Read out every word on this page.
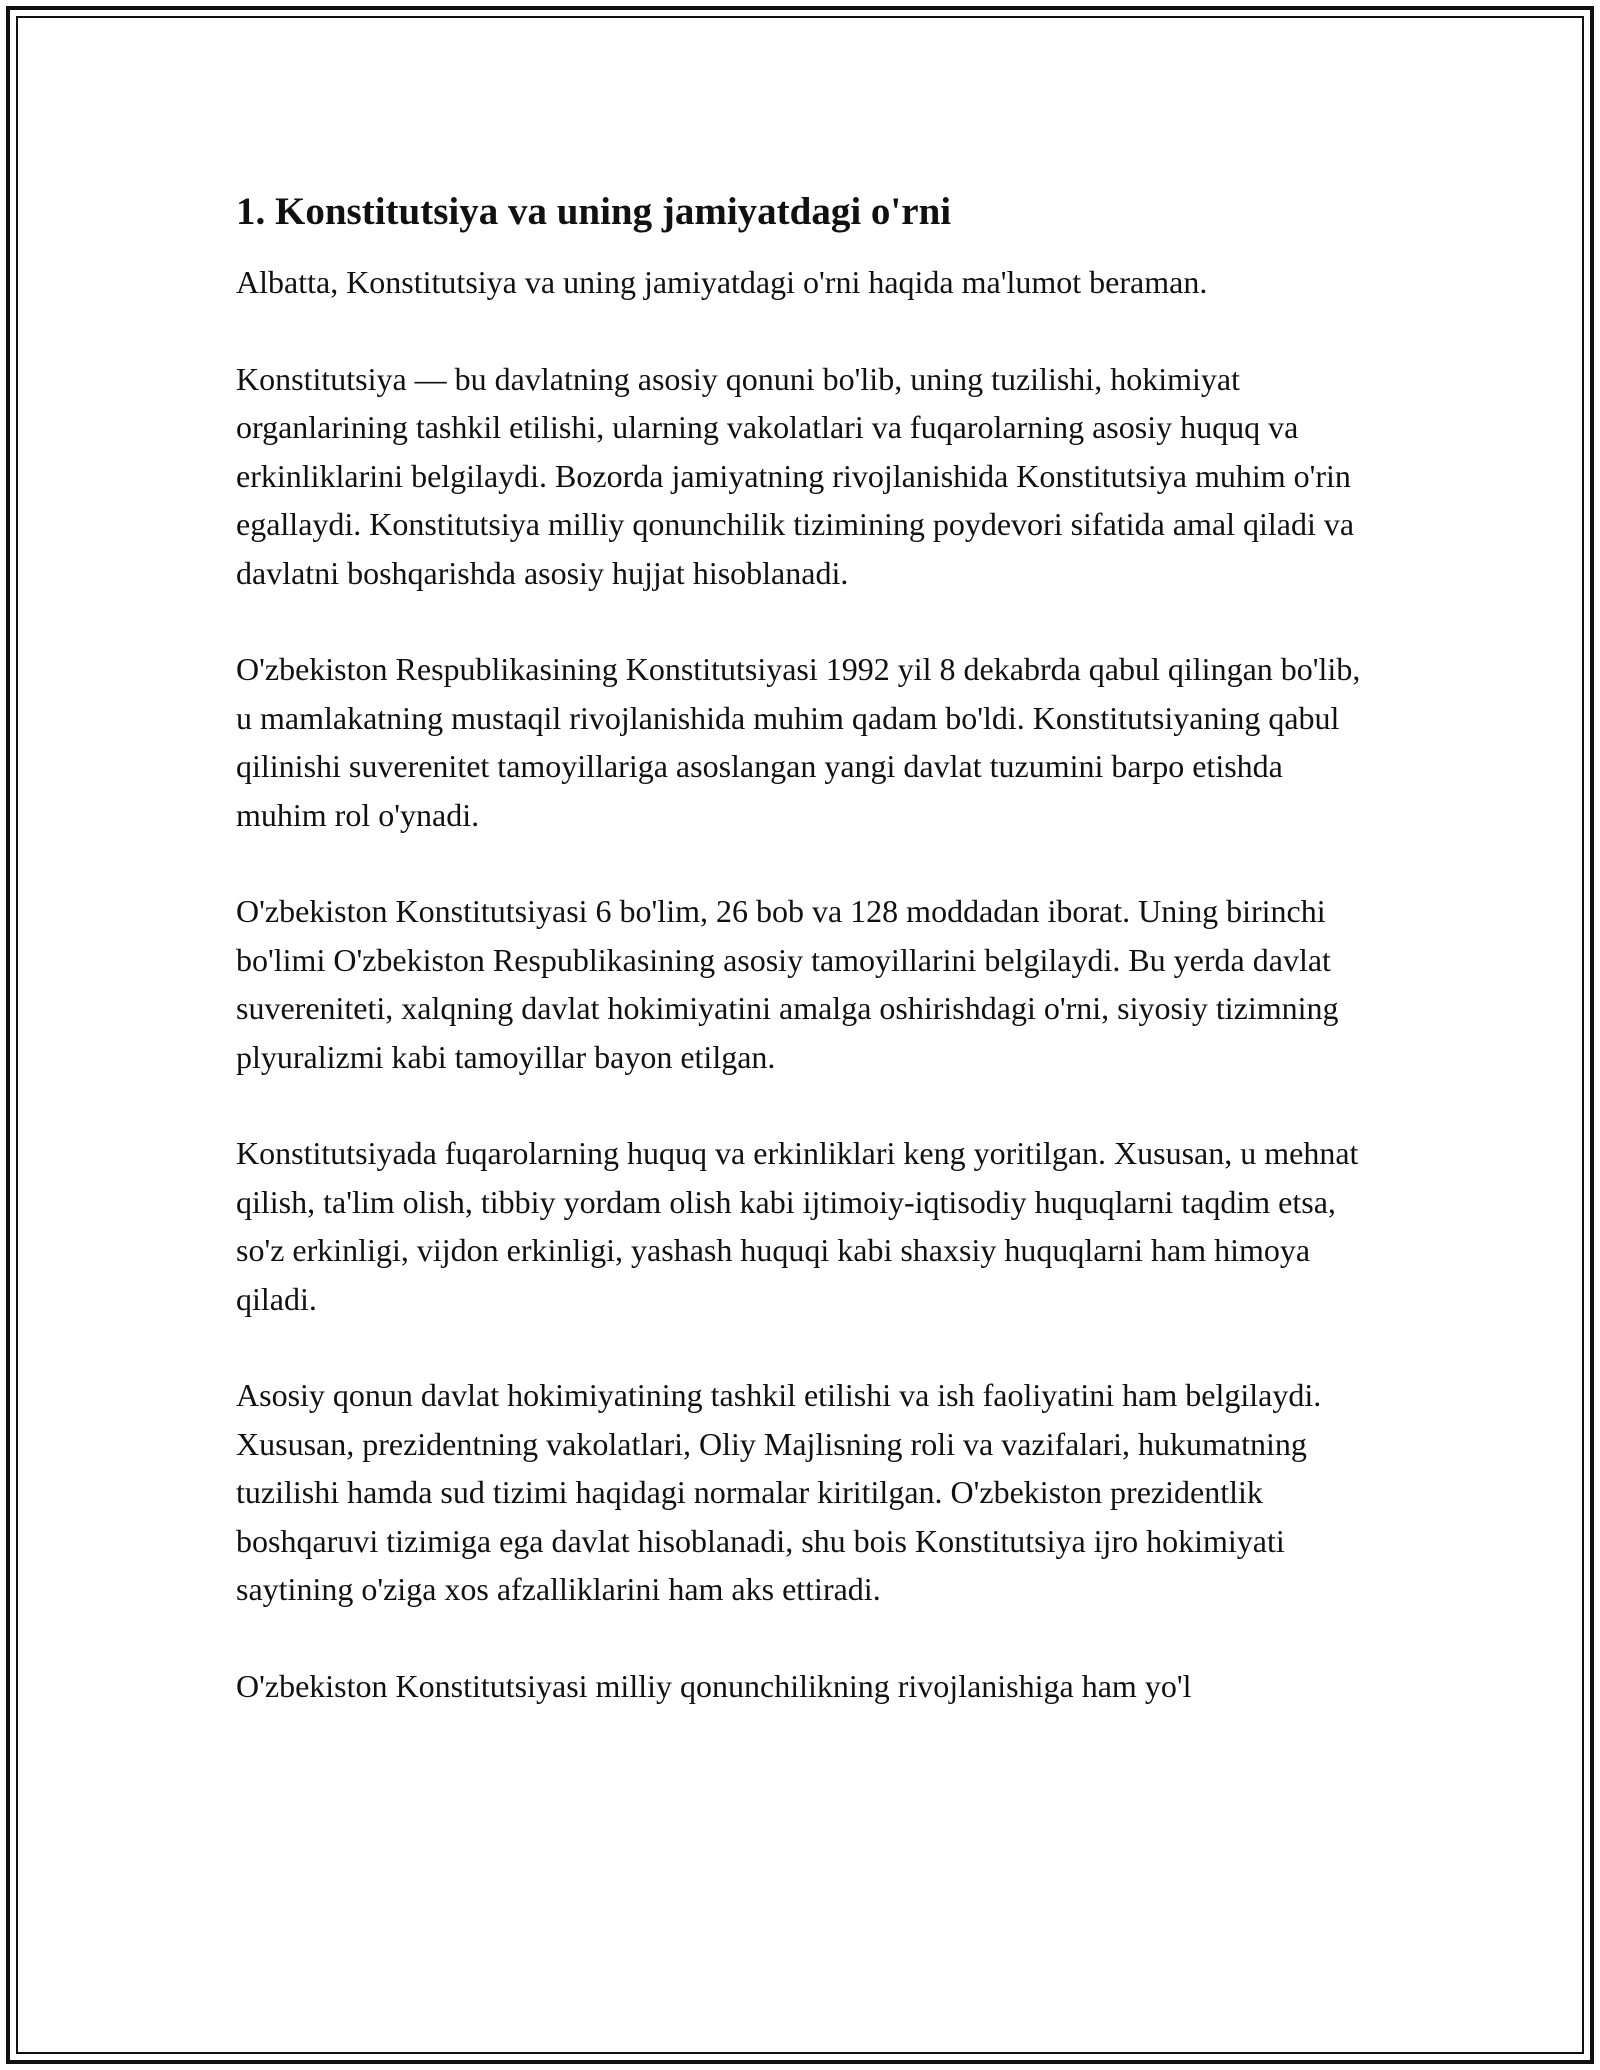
1. Konstitutsiya va uning jamiyatdagi o'rni

Albatta, Konstitutsiya va uning jamiyatdagi o'rni haqida ma'lumot beraman.

Konstitutsiya — bu davlatning asosiy qonuni bo'lib, uning tuzilishi, hokimiyat organlarining tashkil etilishi, ularning vakolatlari va fuqarolarning asosiy huquq va erkinliklarini belgilaydi. Bozorda jamiyatning rivojlanishida Konstitutsiya muhim o'rin egallaydi. Konstitutsiya milliy qonunchilik tizimining poydevori sifatida amal qiladi va davlatni boshqarishda asosiy hujjat hisoblanadi.

O'zbekiston Respublikasining Konstitutsiyasi 1992 yil 8 dekabrda qabul qilingan bo'lib, u mamlakatning mustaqil rivojlanishida muhim qadam bo'ldi. Konstitutsiyaning qabul qilinishi suverenitet tamoyillariga asoslangan yangi davlat tuzumini barpo etishda muhim rol o'ynadi.

O'zbekiston Konstitutsiyasi 6 bo'lim, 26 bob va 128 moddadan iborat. Uning birinchi bo'limi O'zbekiston Respublikasining asosiy tamoyillarini belgilaydi. Bu yerda davlat suvereniteti, xalqning davlat hokimiyatini amalga oshirishdagi o'rni, siyosiy tizimning plyuralizmi kabi tamoyillar bayon etilgan.

Konstitutsiyada fuqarolarning huquq va erkinliklari keng yoritilgan. Xususan, u mehnat qilish, ta'lim olish, tibbiy yordam olish kabi ijtimoiy-iqtisodiy huquqlarni taqdim etsa, so'z erkinligi, vijdon erkinligi, yashash huquqi kabi shaxsiy huquqlarni ham himoya qiladi.

Asosiy qonun davlat hokimiyatining tashkil etilishi va ish faoliyatini ham belgilaydi. Xususan, prezidentning vakolatlari, Oliy Majlisning roli va vazifalari, hukumatning tuzilishi hamda sud tizimi haqidagi normalar kiritilgan. O'zbekiston prezidentlik boshqaruvi tizimiga ega davlat hisoblanadi, shu bois Konstitutsiya ijro hokimiyati saytining o'ziga xos afzalliklarini ham aks ettiradi.

O'zbekiston Konstitutsiyasi milliy qonunchilikning rivojlanishiga ham yo'l
